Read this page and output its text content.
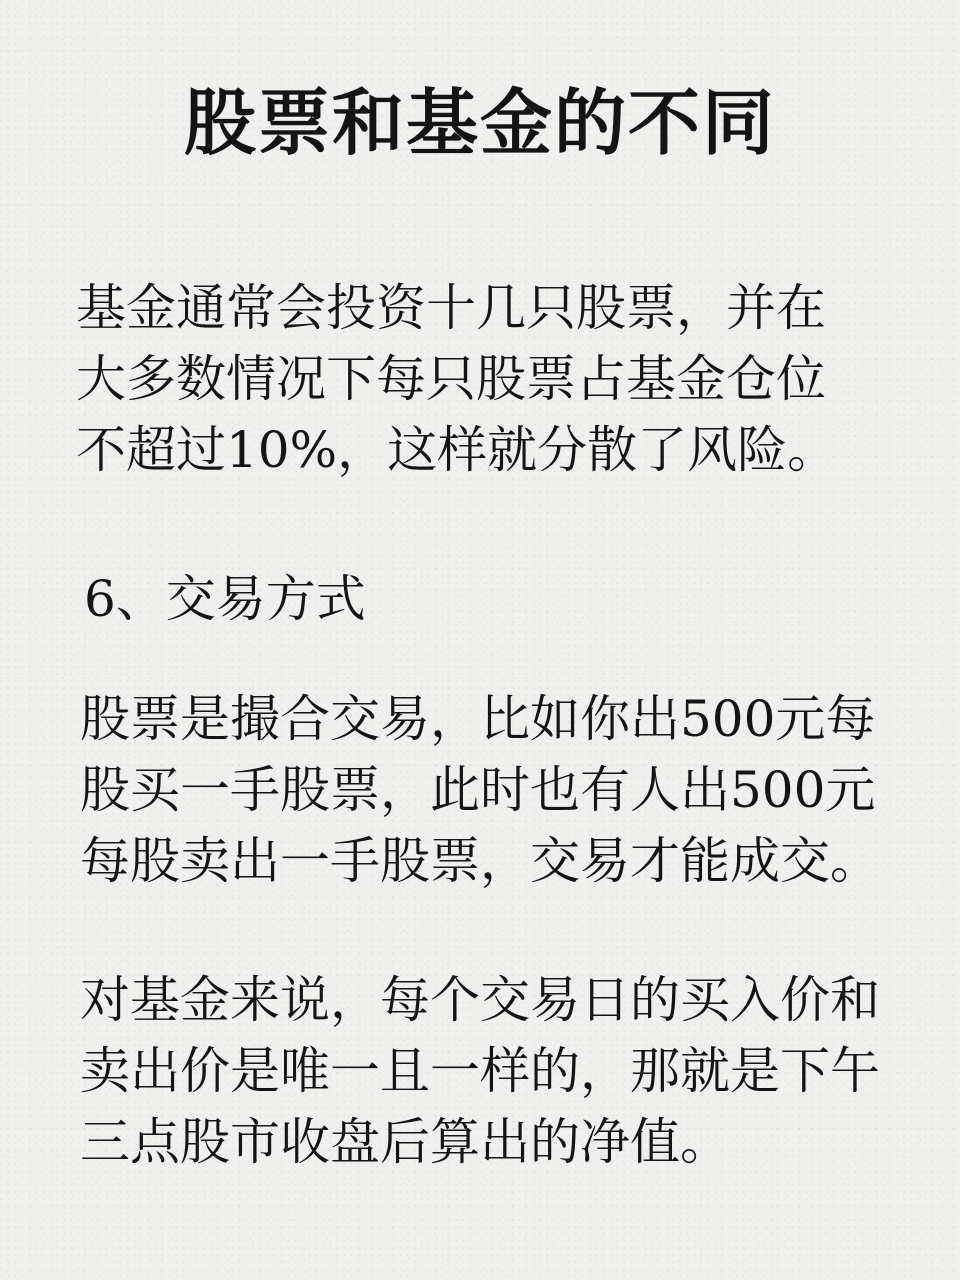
股票和基金的不同
基金通常会投资十几只股票，并在
大多数情况下每只股票占基金仓位
不超过10%，这样就分散了风险。
6、交易方式
股票是撮合交易，比如你出500元每
股买一手股票，此时也有人出500元
每股卖出一手股票，交易才能成交。
对基金来说，每个交易日的买入价和
卖出价是唯一且一样的，那就是下午
三点股市收盘后算出的净值。
